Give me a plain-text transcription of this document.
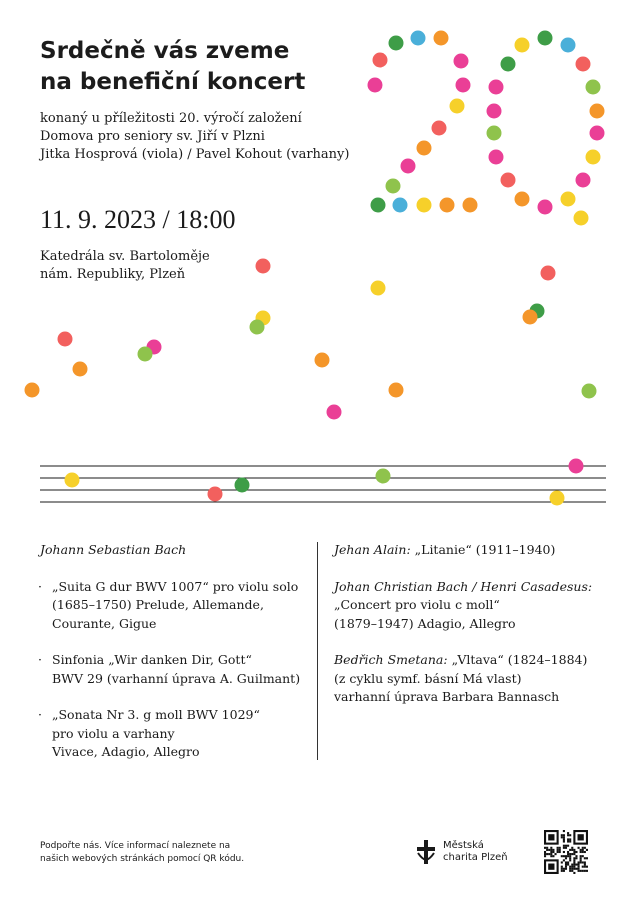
Srdečně vás zveme
na benefiční koncert
konaný u příležitosti 20. výročí založení
Domova pro seniory sv. Jiří v Plzni
Jitka Hosprová (viola) / Pavel Kohout (varhany)
11. 9. 2023 / 18:00
Katedrála sv. Bartoloměje
nám. Republiky, Plzeň

Johann Sebastian Bach

· „Suita G dur BWV 1007“ pro violu solo
(1685–1750) Prelude, Allemande,
Courante, Gigue
· Sinfonia „Wir danken Dir, Gott“
BWV 29 (varhanní úprava A. Guilmant)
· „Sonata Nr 3. g moll BWV 1029“
pro violu a varhany
Vivace, Adagio, Allegro
Jehan Alain: „Litanie“ (1911–1940)
Johan Christian Bach / Henri Casadesus:
„Concert pro violu c moll“
(1879–1947) Adagio, Allegro
Bedřich Smetana: „Vltava“ (1824–1884)
(z cyklu symf. básní Má vlast)
varhanní úprava Barbara Bannasch
Podpořte nás. Více informací naleznete na
našich webových stránkách pomocí QR kódu.
Městská
charita Plzeň
